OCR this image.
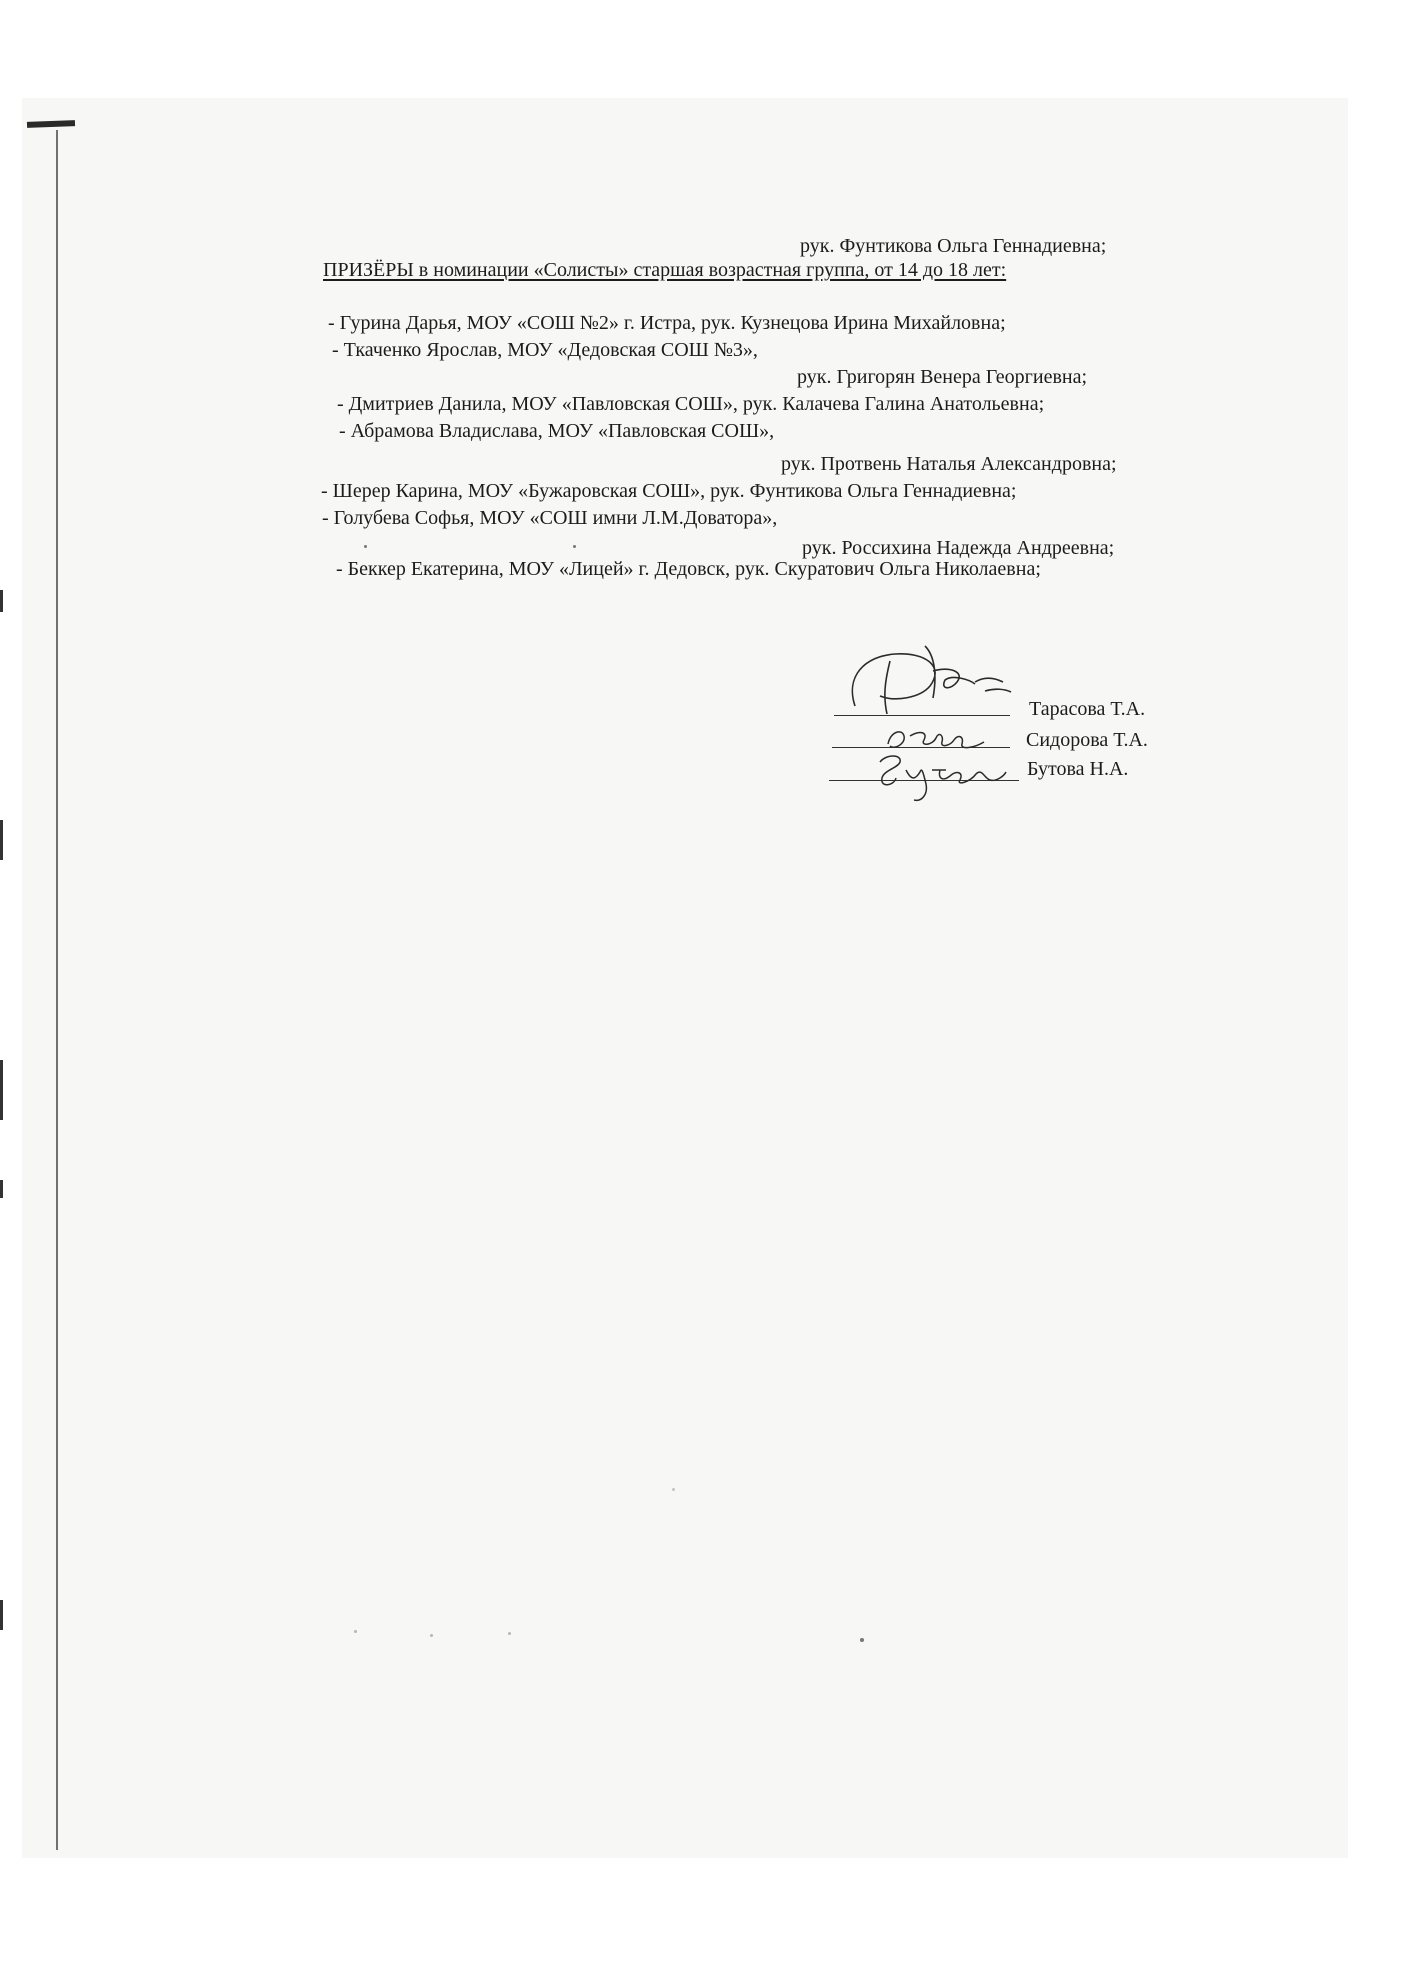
рук. Фунтикова Ольга Геннадиевна;
ПРИЗЁРЫ в номинации «Солисты» старшая возрастная группа, от 14 до 18 лет:
- Гурина Дарья, МОУ «СОШ №2» г. Истра, рук. Кузнецова Ирина Михайловна;
- Ткаченко Ярослав, МОУ «Дедовская СОШ №3»,
рук. Григорян Венера Георгиевна;
- Дмитриев Данила, МОУ «Павловская СОШ», рук. Калачева Галина Анатольевна;
- Абрамова Владислава, МОУ «Павловская СОШ»,
рук. Протвень Наталья Александровна;
- Шерер Карина, МОУ «Бужаровская СОШ», рук. Фунтикова Ольга Геннадиевна;
- Голубева Софья, МОУ «СОШ имни Л.М.Доватора»,
рук. Россихина Надежда Андреевна;
- Беккер Екатерина, МОУ «Лицей» г. Дедовск, рук. Скуратович Ольга Николаевна;
Тарасова Т.А.
Сидорова Т.А.
Бутова Н.А.
